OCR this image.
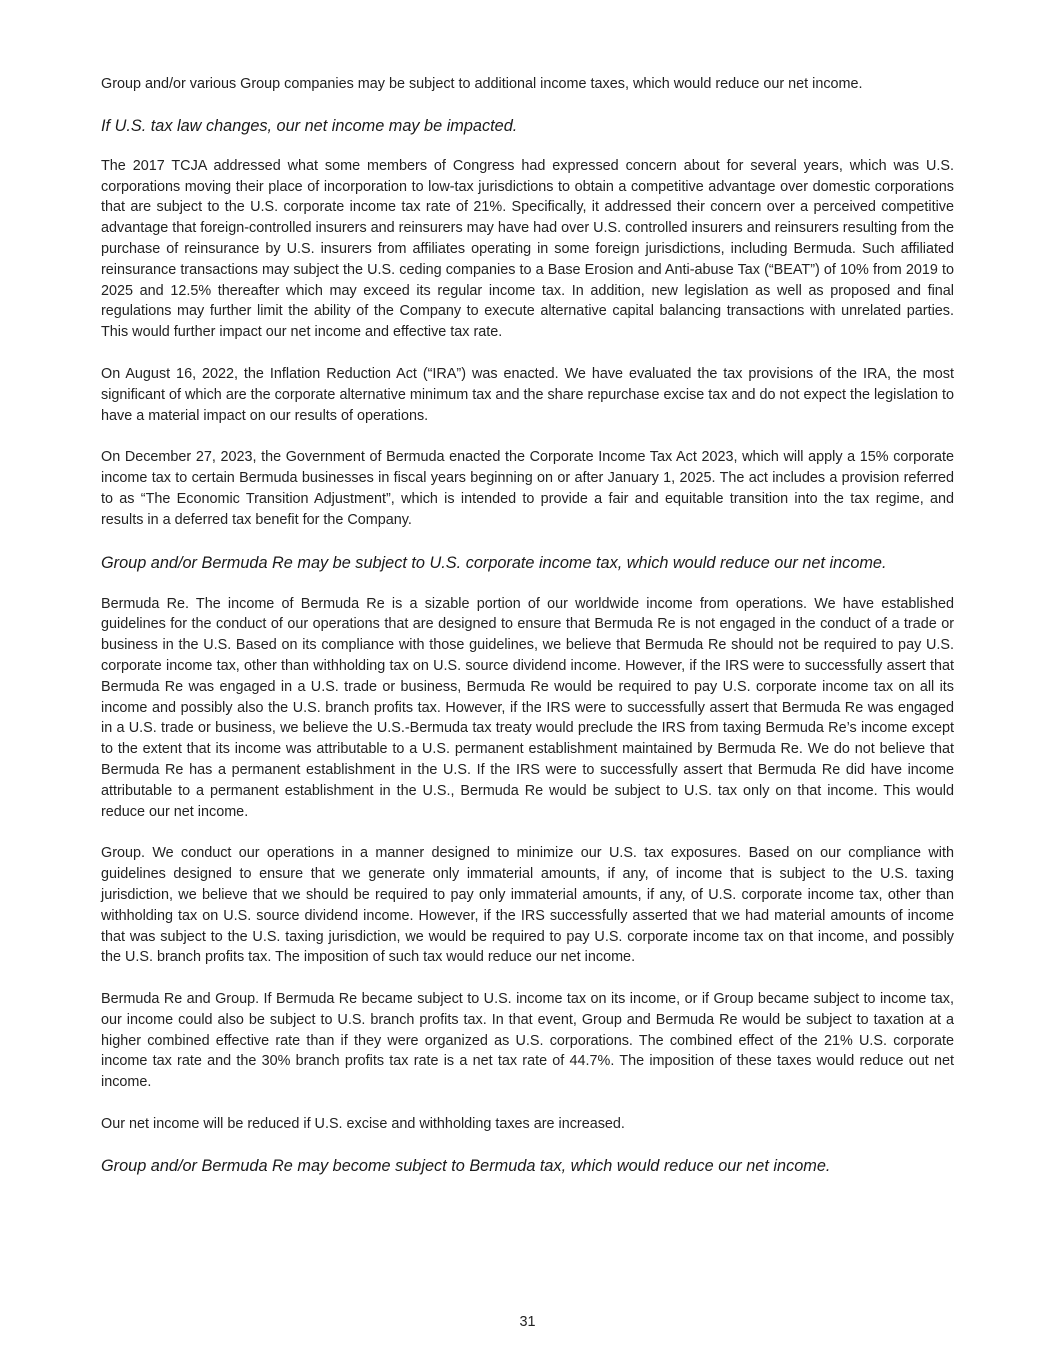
Group and/or various Group companies may be subject to additional income taxes, which would reduce our net income.

If U.S. tax law changes, our net income may be impacted.

The 2017 TCJA addressed what some members of Congress had expressed concern about for several years, which was U.S. corporations moving their place of incorporation to low-tax jurisdictions to obtain a competitive advantage over domestic corporations that are subject to the U.S. corporate income tax rate of 21%. Specifically, it addressed their concern over a perceived competitive advantage that foreign-controlled insurers and reinsurers may have had over U.S. controlled insurers and reinsurers resulting from the purchase of reinsurance by U.S. insurers from affiliates operating in some foreign jurisdictions, including Bermuda. Such affiliated reinsurance transactions may subject the U.S. ceding companies to a Base Erosion and Anti-abuse Tax (“BEAT”) of 10% from 2019 to 2025 and 12.5% thereafter which may exceed its regular income tax. In addition, new legislation as well as proposed and final regulations may further limit the ability of the Company to execute alternative capital balancing transactions with unrelated parties. This would further impact our net income and effective tax rate.

On August 16, 2022, the Inflation Reduction Act (“IRA”) was enacted. We have evaluated the tax provisions of the IRA, the most significant of which are the corporate alternative minimum tax and the share repurchase excise tax and do not expect the legislation to have a material impact on our results of operations.

On December 27, 2023, the Government of Bermuda enacted the Corporate Income Tax Act 2023, which will apply a 15% corporate income tax to certain Bermuda businesses in fiscal years beginning on or after January 1, 2025. The act includes a provision referred to as “The Economic Transition Adjustment”, which is intended to provide a fair and equitable transition into the tax regime, and results in a deferred tax benefit for the Company.

Group and/or Bermuda Re may be subject to U.S. corporate income tax, which would reduce our net income.

Bermuda Re. The income of Bermuda Re is a sizable portion of our worldwide income from operations. We have established guidelines for the conduct of our operations that are designed to ensure that Bermuda Re is not engaged in the conduct of a trade or business in the U.S. Based on its compliance with those guidelines, we believe that Bermuda Re should not be required to pay U.S. corporate income tax, other than withholding tax on U.S. source dividend income. However, if the IRS were to successfully assert that Bermuda Re was engaged in a U.S. trade or business, Bermuda Re would be required to pay U.S. corporate income tax on all its income and possibly also the U.S. branch profits tax. However, if the IRS were to successfully assert that Bermuda Re was engaged in a U.S. trade or business, we believe the U.S.-Bermuda tax treaty would preclude the IRS from taxing Bermuda Re’s income except to the extent that its income was attributable to a U.S. permanent establishment maintained by Bermuda Re. We do not believe that Bermuda Re has a permanent establishment in the U.S. If the IRS were to successfully assert that Bermuda Re did have income attributable to a permanent establishment in the U.S., Bermuda Re would be subject to U.S. tax only on that income. This would reduce our net income.

Group. We conduct our operations in a manner designed to minimize our U.S. tax exposures. Based on our compliance with guidelines designed to ensure that we generate only immaterial amounts, if any, of income that is subject to the U.S. taxing jurisdiction, we believe that we should be required to pay only immaterial amounts, if any, of U.S. corporate income tax, other than withholding tax on U.S. source dividend income. However, if the IRS successfully asserted that we had material amounts of income that was subject to the U.S. taxing jurisdiction, we would be required to pay U.S. corporate income tax on that income, and possibly the U.S. branch profits tax. The imposition of such tax would reduce our net income.

Bermuda Re and Group. If Bermuda Re became subject to U.S. income tax on its income, or if Group became subject to income tax, our income could also be subject to U.S. branch profits tax. In that event, Group and Bermuda Re would be subject to taxation at a higher combined effective rate than if they were organized as U.S. corporations. The combined effect of the 21% U.S. corporate income tax rate and the 30% branch profits tax rate is a net tax rate of 44.7%. The imposition of these taxes would reduce out net income.

Our net income will be reduced if U.S. excise and withholding taxes are increased.

Group and/or Bermuda Re may become subject to Bermuda tax, which would reduce our net income.
31
